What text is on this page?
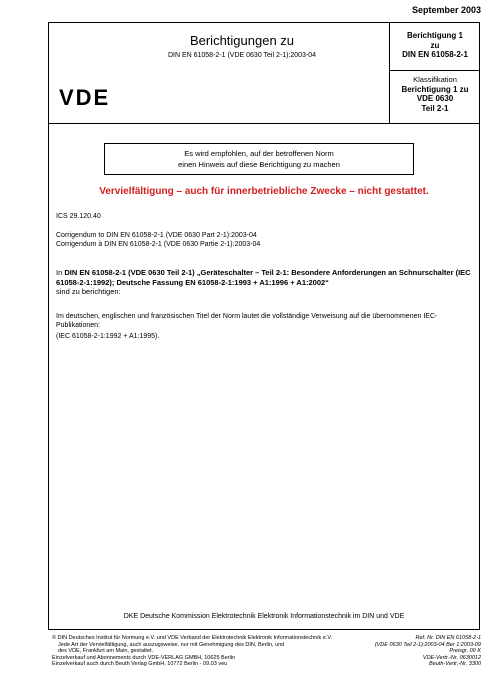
September 2003
Berichtigungen zu
DIN EN 61058-2-1 (VDE 0630 Teil 2-1):2003-04
Berichtigung 1
zu
DIN EN 61058-2-1
Klassifikation
Berichtigung 1 zu
VDE 0630
Teil 2-1
VDE
Es wird empfohlen, auf der betroffenen Norm
einen Hinweis auf diese Berichtigung zu machen
Vervielfältigung – auch für innerbetriebliche Zwecke – nicht gestattet.
ICS 29.120.40
Corrigendum to DIN EN 61058-2-1 (VDE 0630 Part 2-1):2003-04
Corrigendum à DIN EN 61058-2-1 (VDE 0630 Partie 2-1):2003-04
In DIN EN 61058-2-1 (VDE 0630 Teil 2-1) „Geräteschalter – Teil 2-1: Besondere Anforderungen an Schnurschalter (IEC 61058-2-1:1992); Deutsche Fassung EN 61058-2-1:1993 + A1:1996 + A1:2002“
sind zu berichtigen:
Im deutschen, englischen und französischen Titel der Norm lautet die vollständige Verweisung auf die übernommenen IEC-Publikationen:
(IEC 61058-2-1:1992 + A1:1995).
DKE Deutsche Kommission Elektrotechnik Elektronik Informationstechnik im DIN und VDE
© DIN Deutsches Institut für Normung e.V. und VDE Verband der Elektrotechnik Elektronik Informationstechnik e.V.
Jede Art der Vervielfältigung, auch auszugsweise, nur mit Genehmigung des DIN, Berlin, und
des VDE, Frankfurt am Main, gestattet.
Einzelverkauf und Abonnements durch VDE-VERLAG GMBH, 10625 Berlin
Einzelverkauf auch durch Beuth Verlag GmbH, 10772 Berlin - 09.03 veu
Ref. Nr. DIN EN 61058-2-1
(VDE 0630 Teil 2-1):2003-04 Ber 1:2003-09
Preisgr. 00 K
VDE-Vertr.-Nr. 0630012
Beuth-Vertr.-Nr. 3300
